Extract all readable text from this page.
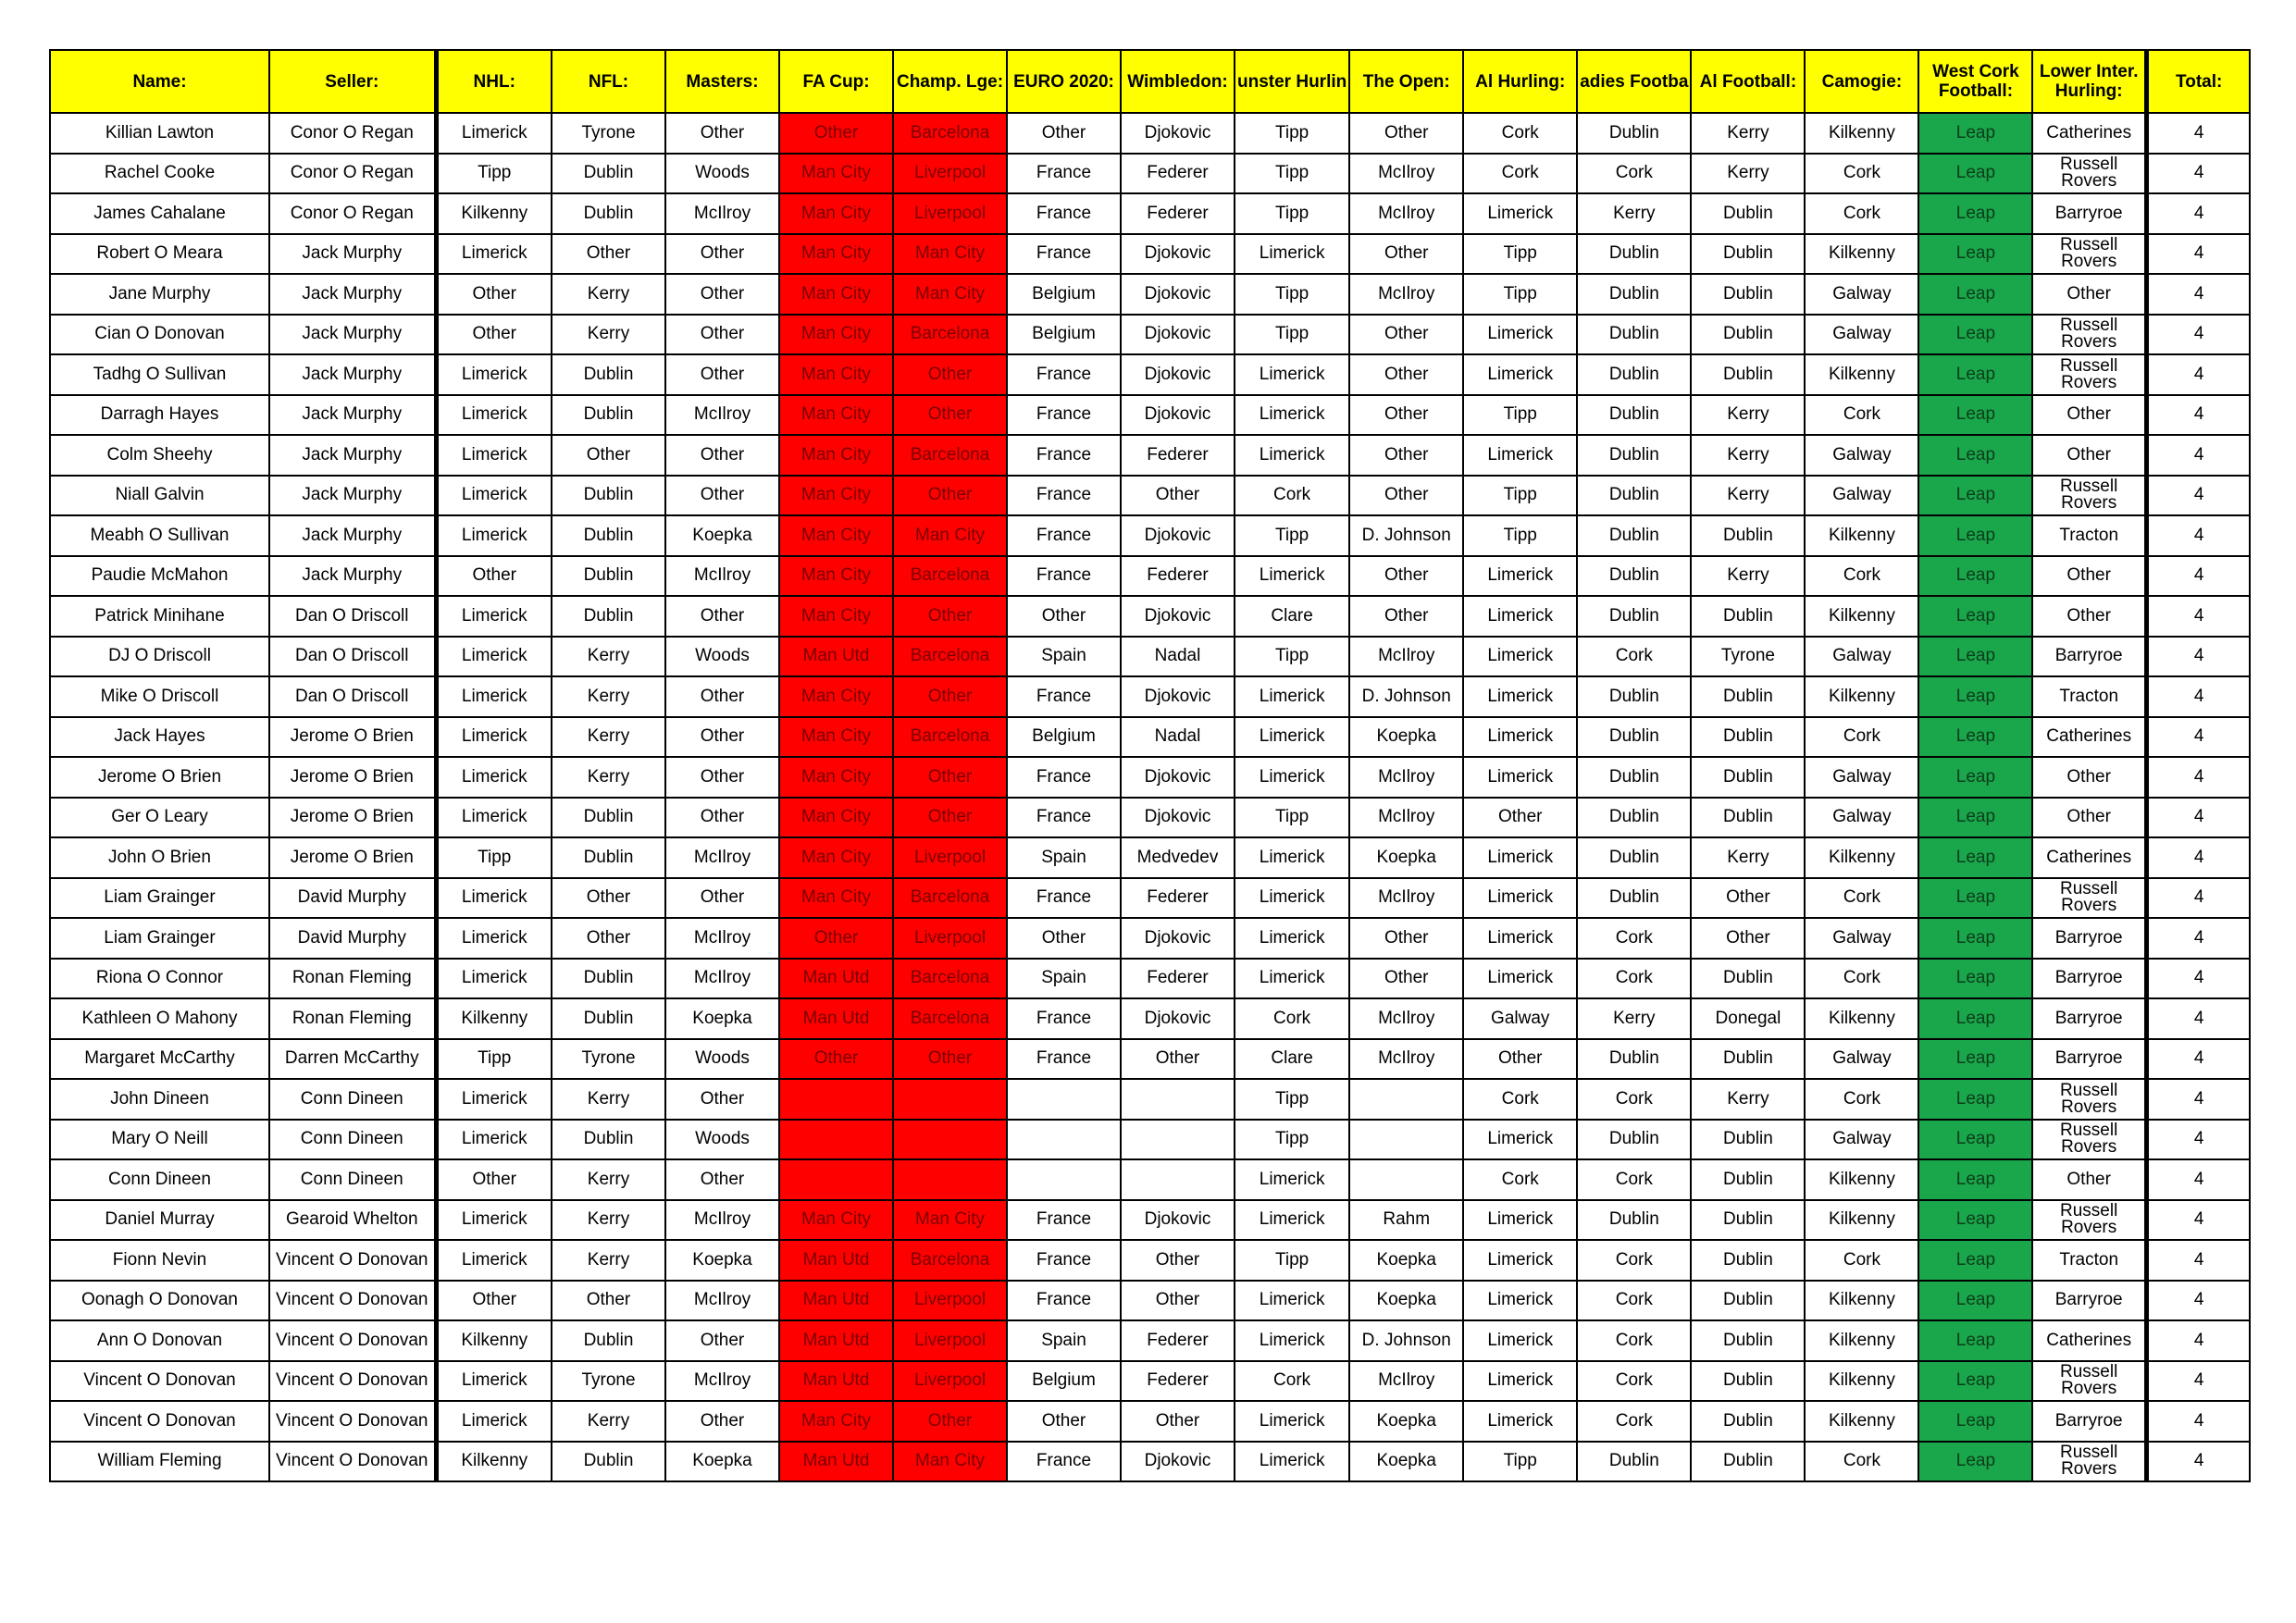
Name:	Seller:	NHL:	NFL:	Masters:	FA Cup:	Champ. Lge:	EURO 2020:	Wimbledon:	unster Hurlin	The Open:	Al Hurling:	adies Footba	Al Football:	Camogie:	West Cork Football:	Lower Inter. Hurling:	Total:
Killian Lawton	Conor O Regan	Limerick	Tyrone	Other	Other	Barcelona	Other	Djokovic	Tipp	Other	Cork	Dublin	Kerry	Kilkenny	Leap	Catherines	4
Rachel Cooke	Conor O Regan	Tipp	Dublin	Woods	Man City	Liverpool	France	Federer	Tipp	McIlroy	Cork	Cork	Kerry	Cork	Leap	Russell Rovers	4
James Cahalane	Conor O Regan	Kilkenny	Dublin	McIlroy	Man City	Liverpool	France	Federer	Tipp	McIlroy	Limerick	Kerry	Dublin	Cork	Leap	Barryroe	4
Robert O Meara	Jack Murphy	Limerick	Other	Other	Man City	Man City	France	Djokovic	Limerick	Other	Tipp	Dublin	Dublin	Kilkenny	Leap	Russell Rovers	4
Jane Murphy	Jack Murphy	Other	Kerry	Other	Man City	Man City	Belgium	Djokovic	Tipp	McIlroy	Tipp	Dublin	Dublin	Galway	Leap	Other	4
Cian O Donovan	Jack Murphy	Other	Kerry	Other	Man City	Barcelona	Belgium	Djokovic	Tipp	Other	Limerick	Dublin	Dublin	Galway	Leap	Russell Rovers	4
Tadhg O Sullivan	Jack Murphy	Limerick	Dublin	Other	Man City	Other	France	Djokovic	Limerick	Other	Limerick	Dublin	Dublin	Kilkenny	Leap	Russell Rovers	4
Darragh Hayes	Jack Murphy	Limerick	Dublin	McIlroy	Man City	Other	France	Djokovic	Limerick	Other	Tipp	Dublin	Kerry	Cork	Leap	Other	4
Colm Sheehy	Jack Murphy	Limerick	Other	Other	Man City	Barcelona	France	Federer	Limerick	Other	Limerick	Dublin	Kerry	Galway	Leap	Other	4
Niall Galvin	Jack Murphy	Limerick	Dublin	Other	Man City	Other	France	Other	Cork	Other	Tipp	Dublin	Kerry	Galway	Leap	Russell Rovers	4
Meabh O Sullivan	Jack Murphy	Limerick	Dublin	Koepka	Man City	Man City	France	Djokovic	Tipp	D. Johnson	Tipp	Dublin	Dublin	Kilkenny	Leap	Tracton	4
Paudie McMahon	Jack Murphy	Other	Dublin	McIlroy	Man City	Barcelona	France	Federer	Limerick	Other	Limerick	Dublin	Kerry	Cork	Leap	Other	4
Patrick Minihane	Dan O Driscoll	Limerick	Dublin	Other	Man City	Other	Other	Djokovic	Clare	Other	Limerick	Dublin	Dublin	Kilkenny	Leap	Other	4
DJ O Driscoll	Dan O Driscoll	Limerick	Kerry	Woods	Man Utd	Barcelona	Spain	Nadal	Tipp	McIlroy	Limerick	Cork	Tyrone	Galway	Leap	Barryroe	4
Mike O Driscoll	Dan O Driscoll	Limerick	Kerry	Other	Man City	Other	France	Djokovic	Limerick	D. Johnson	Limerick	Dublin	Dublin	Kilkenny	Leap	Tracton	4
Jack Hayes	Jerome O Brien	Limerick	Kerry	Other	Man City	Barcelona	Belgium	Nadal	Limerick	Koepka	Limerick	Dublin	Dublin	Cork	Leap	Catherines	4
Jerome O Brien	Jerome O Brien	Limerick	Kerry	Other	Man City	Other	France	Djokovic	Limerick	McIlroy	Limerick	Dublin	Dublin	Galway	Leap	Other	4
Ger O Leary	Jerome O Brien	Limerick	Dublin	Other	Man City	Other	France	Djokovic	Tipp	McIlroy	Other	Dublin	Dublin	Galway	Leap	Other	4
John O Brien	Jerome O Brien	Tipp	Dublin	McIlroy	Man City	Liverpool	Spain	Medvedev	Limerick	Koepka	Limerick	Dublin	Kerry	Kilkenny	Leap	Catherines	4
Liam Grainger	David Murphy	Limerick	Other	Other	Man City	Barcelona	France	Federer	Limerick	McIlroy	Limerick	Dublin	Other	Cork	Leap	Russell Rovers	4
Liam Grainger	David Murphy	Limerick	Other	McIlroy	Other	Liverpool	Other	Djokovic	Limerick	Other	Limerick	Cork	Other	Galway	Leap	Barryroe	4
Riona O Connor	Ronan Fleming	Limerick	Dublin	McIlroy	Man Utd	Barcelona	Spain	Federer	Limerick	Other	Limerick	Cork	Dublin	Cork	Leap	Barryroe	4
Kathleen O Mahony	Ronan Fleming	Kilkenny	Dublin	Koepka	Man Utd	Barcelona	France	Djokovic	Cork	McIlroy	Galway	Kerry	Donegal	Kilkenny	Leap	Barryroe	4
Margaret McCarthy	Darren McCarthy	Tipp	Tyrone	Woods	Other	Other	France	Other	Clare	McIlroy	Other	Dublin	Dublin	Galway	Leap	Barryroe	4
John Dineen	Conn Dineen	Limerick	Kerry	Other					Tipp		Cork	Cork	Kerry	Cork	Leap	Russell Rovers	4
Mary O Neill	Conn Dineen	Limerick	Dublin	Woods					Tipp		Limerick	Dublin	Dublin	Galway	Leap	Russell Rovers	4
Conn Dineen	Conn Dineen	Other	Kerry	Other					Limerick		Cork	Cork	Dublin	Kilkenny	Leap	Other	4
Daniel Murray	Gearoid Whelton	Limerick	Kerry	McIlroy	Man City	Man City	France	Djokovic	Limerick	Rahm	Limerick	Dublin	Dublin	Kilkenny	Leap	Russell Rovers	4
Fionn Nevin	Vincent O Donovan	Limerick	Kerry	Koepka	Man Utd	Barcelona	France	Other	Tipp	Koepka	Limerick	Cork	Dublin	Cork	Leap	Tracton	4
Oonagh O Donovan	Vincent O Donovan	Other	Other	McIlroy	Man Utd	Liverpool	France	Other	Limerick	Koepka	Limerick	Cork	Dublin	Kilkenny	Leap	Barryroe	4
Ann O Donovan	Vincent O Donovan	Kilkenny	Dublin	Other	Man Utd	Liverpool	Spain	Federer	Limerick	D. Johnson	Limerick	Cork	Dublin	Kilkenny	Leap	Catherines	4
Vincent O Donovan	Vincent O Donovan	Limerick	Tyrone	McIlroy	Man Utd	Liverpool	Belgium	Federer	Cork	McIlroy	Limerick	Cork	Dublin	Kilkenny	Leap	Russell Rovers	4
Vincent O Donovan	Vincent O Donovan	Limerick	Kerry	Other	Man City	Other	Other	Other	Limerick	Koepka	Limerick	Cork	Dublin	Kilkenny	Leap	Barryroe	4
William Fleming	Vincent O Donovan	Kilkenny	Dublin	Koepka	Man Utd	Man City	France	Djokovic	Limerick	Koepka	Tipp	Dublin	Dublin	Cork	Leap	Russell Rovers	4
